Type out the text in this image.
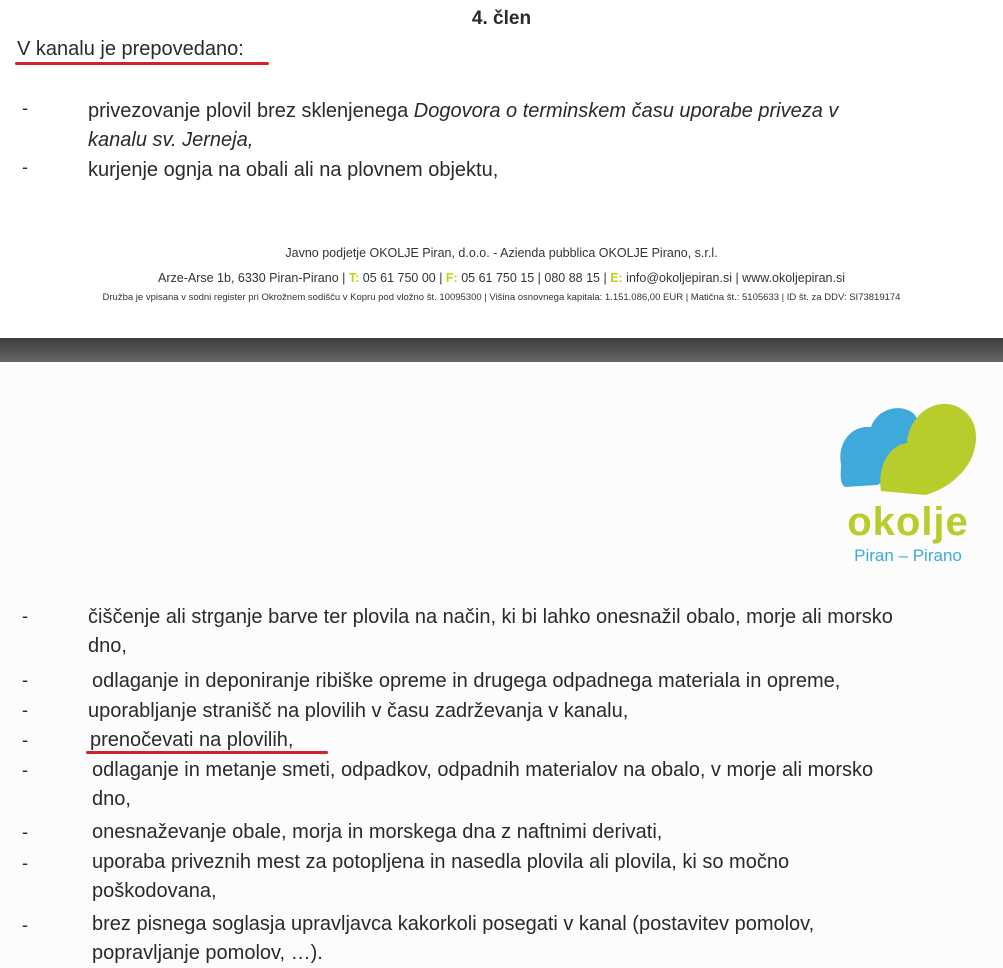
4. člen
V kanalu je prepovedano:
-	privezovanje plovil brez sklenjenega Dogovora o terminskem času uporabe priveza v
kanalu sv. Jerneja,
-	kurjenje ognja na obali ali na plovnem objektu,
Javno podjetje OKOLJE Piran, d.o.o. - Azienda pubblica OKOLJE Pirano, s.r.l.
Arze-Arse 1b, 6330 Piran-Pirano | T: 05 61 750 00 | F: 05 61 750 15 | 080 88 15 | E: info@okoljepiran.si | www.okoljepiran.si
Družba je vpisana v sodni register pri Okrožnem sodišču v Kopru pod vložno št. 10095300 | Višina osnovnega kapitala: 1.151.086,00 EUR | Matična št.: 5105633 | ID št. za DDV: SI73819174
okolje
Piran – Pirano
-	čiščenje ali strganje barve ter plovila na način, ki bi lahko onesnažil obalo, morje ali morsko
dno,
-	odlaganje in deponiranje ribiške opreme in drugega odpadnega materiala in opreme,
-	uporabljanje stranišč na plovilih v času zadrževanja v kanalu,
-	prenočevati na plovilih,
-	odlaganje in metanje smeti, odpadkov, odpadnih materialov na obalo, v morje ali morsko
dno,
-	onesnaževanje obale, morja in morskega dna z naftnimi derivati,
-	uporaba priveznih mest za potopljena in nasedla plovila ali plovila, ki so močno
poškodovana,
-	brez pisnega soglasja upravljavca kakorkoli posegati v kanal (postavitev pomolov,
popravljanje pomolov, …).
